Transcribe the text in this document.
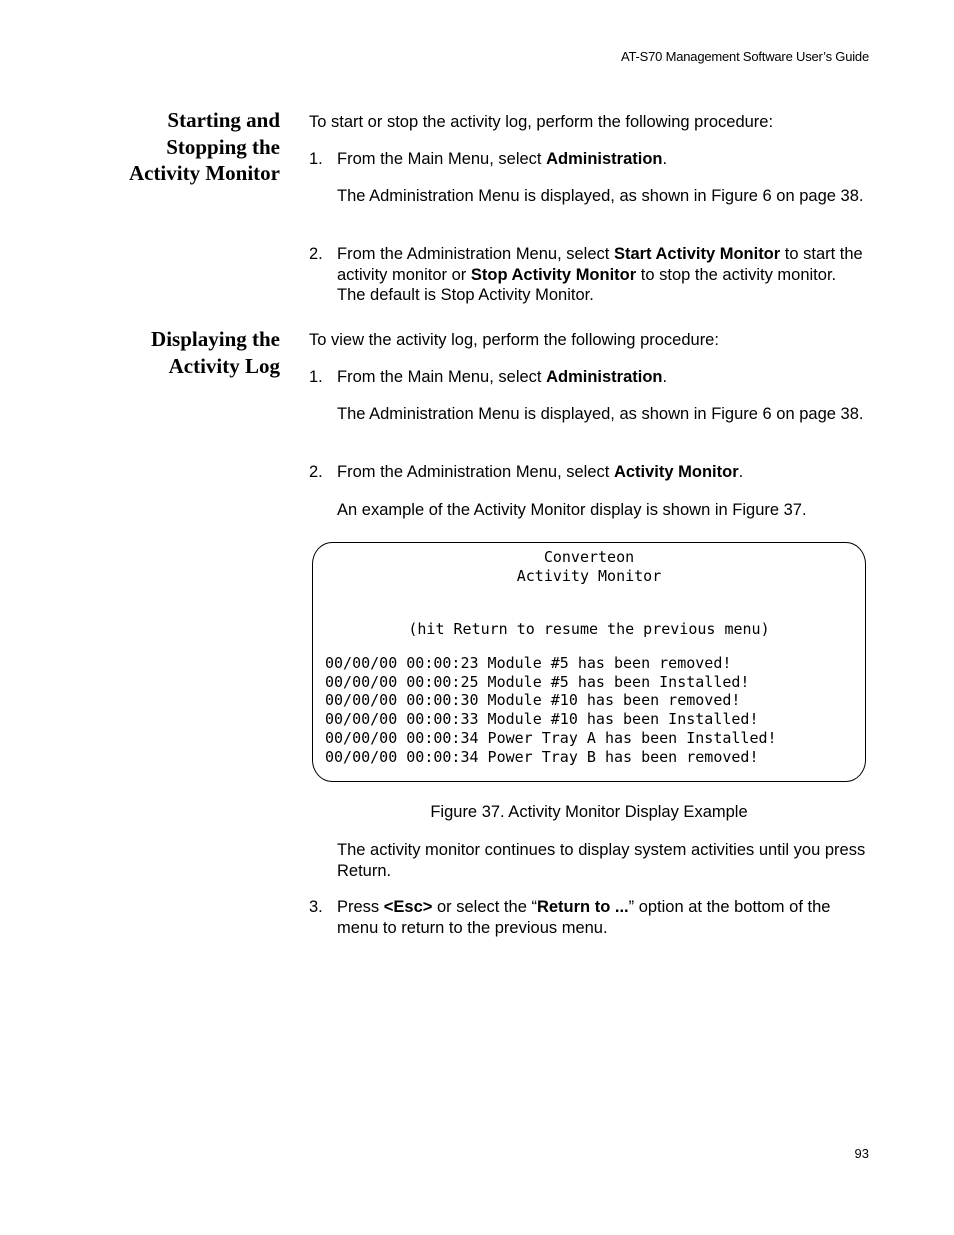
AT-S70 Management Software User’s Guide
Starting and
Stopping the
Activity Monitor

To start or stop the activity log, perform the following procedure:

1. From the Main Menu, select Administration.

The Administration Menu is displayed, as shown in Figure 6 on page 38.

2. From the Administration Menu, select Start Activity Monitor to start the activity monitor or Stop Activity Monitor to stop the activity monitor. The default is Stop Activity Monitor.

Displaying the
Activity Log

To view the activity log, perform the following procedure:

1. From the Main Menu, select Administration.

The Administration Menu is displayed, as shown in Figure 6 on page 38.

2. From the Administration Menu, select Activity Monitor.

An example of the Activity Monitor display is shown in Figure 37.

Converteon
Activity Monitor
(hit Return to resume the previous menu)
00/00/00 00:00:23 Module #5 has been removed!
00/00/00 00:00:25 Module #5 has been Installed!
00/00/00 00:00:30 Module #10 has been removed!
00/00/00 00:00:33 Module #10 has been Installed!
00/00/00 00:00:34 Power Tray A has been Installed!
00/00/00 00:00:34 Power Tray B has been removed!
Figure 37. Activity Monitor Display Example

The activity monitor continues to display system activities until you press Return.

3. Press <Esc> or select the “Return to ...” option at the bottom of the menu to return to the previous menu.

93
